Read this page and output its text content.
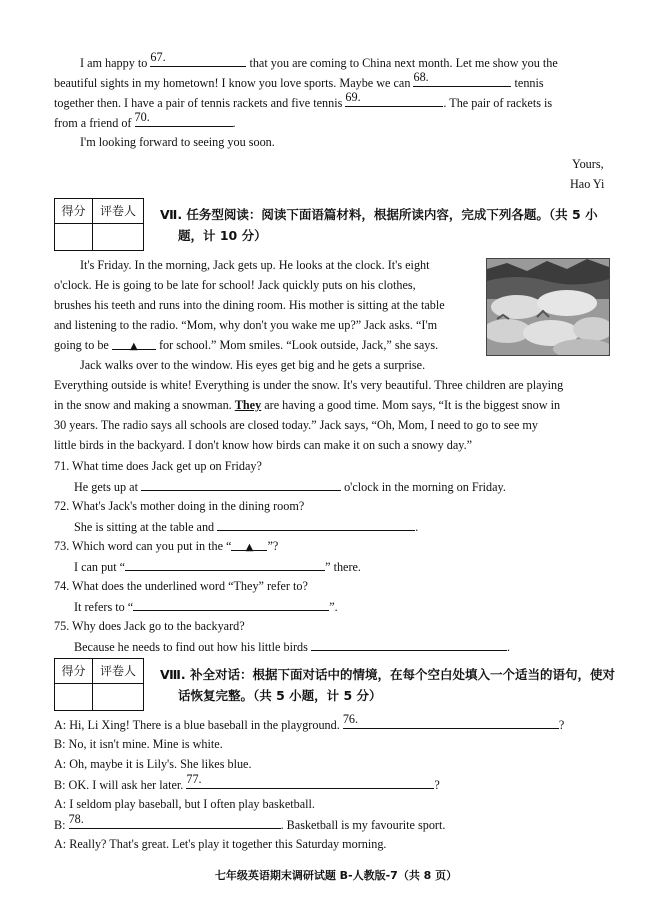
I am happy to 67.	that you are coming to China next month. Let me show you the
beautiful sights in my hometown! I know you love sports. Maybe we can 68.	tennis
together then. I have a pair of tennis rackets and five tennis 69.	. The pair of rackets is
from a friend of 70.	.
I'm looking forward to seeing you soon.
Yours,
Hao Yi
得分	评卷人
	Ⅶ. 任务型阅读：阅读下面语篇材料，根据所读内容，完成下列各题。（共 5 小
题，计 10 分）
It's Friday. In the morning, Jack gets up. He looks at the clock. It's eight
o'clock. He is going to be late for school! Jack quickly puts on his clothes,
brushes his teeth and runs into the dining room. His mother is sitting at the table
and listening to the radio. “Mom, why don't you wake me up?” Jack asks. “I'm
going to be ▲ for school.” Mom smiles. “Look outside, Jack,” she says.
Jack walks over to the window. His eyes get big and he gets a surprise.
Everything outside is white! Everything is under the snow. It's very beautiful. Three children are playing
in the snow and making a snowman. They are having a good time. Mom says, “It is the biggest snow in
30 years. The radio says all schools are closed today.” Jack says, “Oh, Mom, I need to go to see my
little birds in the backyard. I don't know how birds can make it on such a snowy day.”
71. What time does Jack get up on Friday?
He gets up at	o'clock in the morning on Friday.
72. What's Jack's mother doing in the dining room?
She is sitting at the table and	.
73. Which word can you put in the “ ▲ ”?
I can put “	” there.
74. What does the underlined word “They” refer to?
It refers to “	”.
75. Why does Jack go to the backyard?
Because he needs to find out how his little birds	.
得分	评卷人
	Ⅷ. 补全对话：根据下面对话中的情境，在每个空白处填入一个适当的语句，使对
话恢复完整。（共 5 小题，计 5 分）
A: Hi, Li Xing! There is a blue baseball in the playground. 76.	?
B: No, it isn't mine. Mine is white.
A: Oh, maybe it is Lily's. She likes blue.
B: OK. I will ask her later. 77.	?
A: I seldom play baseball, but I often play basketball.
B: 78.	. Basketball is my favourite sport.
A: Really? That's great. Let's play it together this Saturday morning.
七年级英语期末调研试题 B-人教版-7（共 8 页）
